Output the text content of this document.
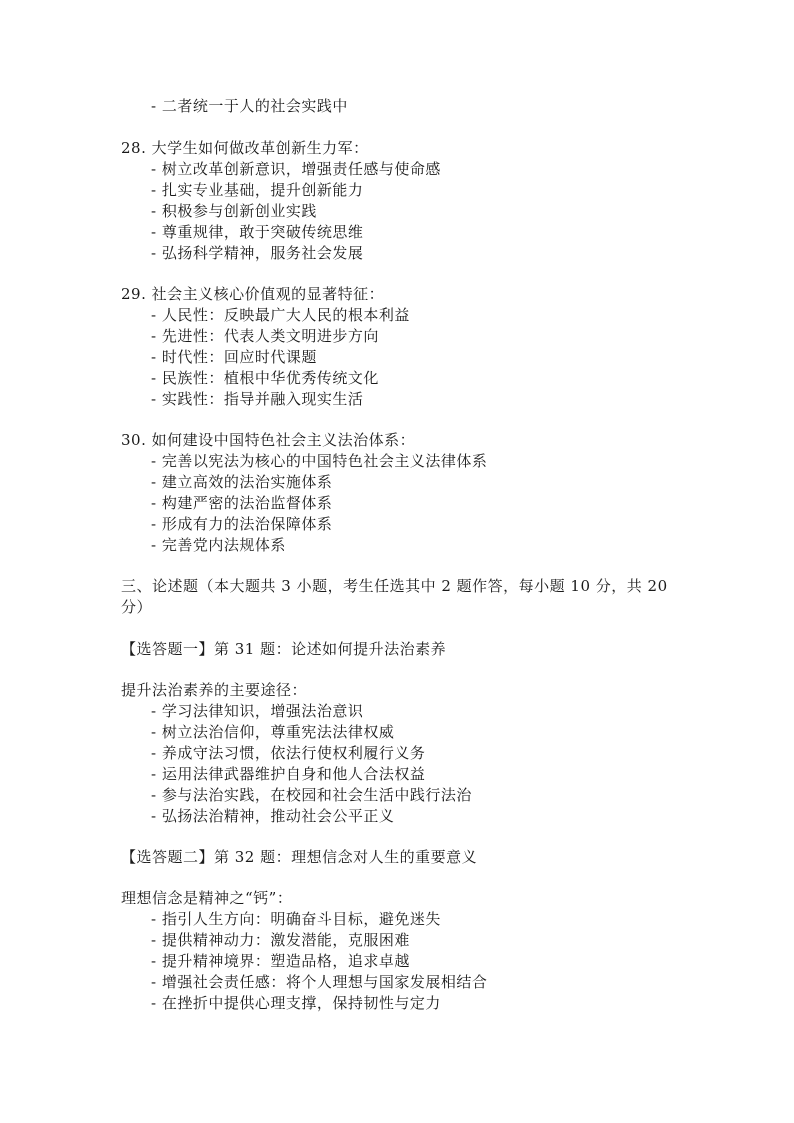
- 二者统一于人的社会实践中
28. 大学生如何做改革创新生力军：
- 树立改革创新意识，增强责任感与使命感
- 扎实专业基础，提升创新能力
- 积极参与创新创业实践
- 尊重规律，敢于突破传统思维
- 弘扬科学精神，服务社会发展
29. 社会主义核心价值观的显著特征：
- 人民性：反映最广大人民的根本利益
- 先进性：代表人类文明进步方向
- 时代性：回应时代课题
- 民族性：植根中华优秀传统文化
- 实践性：指导并融入现实生活
30. 如何建设中国特色社会主义法治体系：
- 完善以宪法为核心的中国特色社会主义法律体系
- 建立高效的法治实施体系
- 构建严密的法治监督体系
- 形成有力的法治保障体系
- 完善党内法规体系
三、论述题（本大题共 3 小题，考生任选其中 2 题作答，每小题 10 分，共 20 分）
【选答题一】第 31 题：论述如何提升法治素养
提升法治素养的主要途径：
- 学习法律知识，增强法治意识
- 树立法治信仰，尊重宪法法律权威
- 养成守法习惯，依法行使权利履行义务
- 运用法律武器维护自身和他人合法权益
- 参与法治实践，在校园和社会生活中践行法治
- 弘扬法治精神，推动社会公平正义
【选答题二】第 32 题：理想信念对人生的重要意义
理想信念是精神之“钙”：
- 指引人生方向：明确奋斗目标，避免迷失
- 提供精神动力：激发潜能，克服困难
- 提升精神境界：塑造品格，追求卓越
- 增强社会责任感：将个人理想与国家发展相结合
- 在挫折中提供心理支撑，保持韧性与定力
